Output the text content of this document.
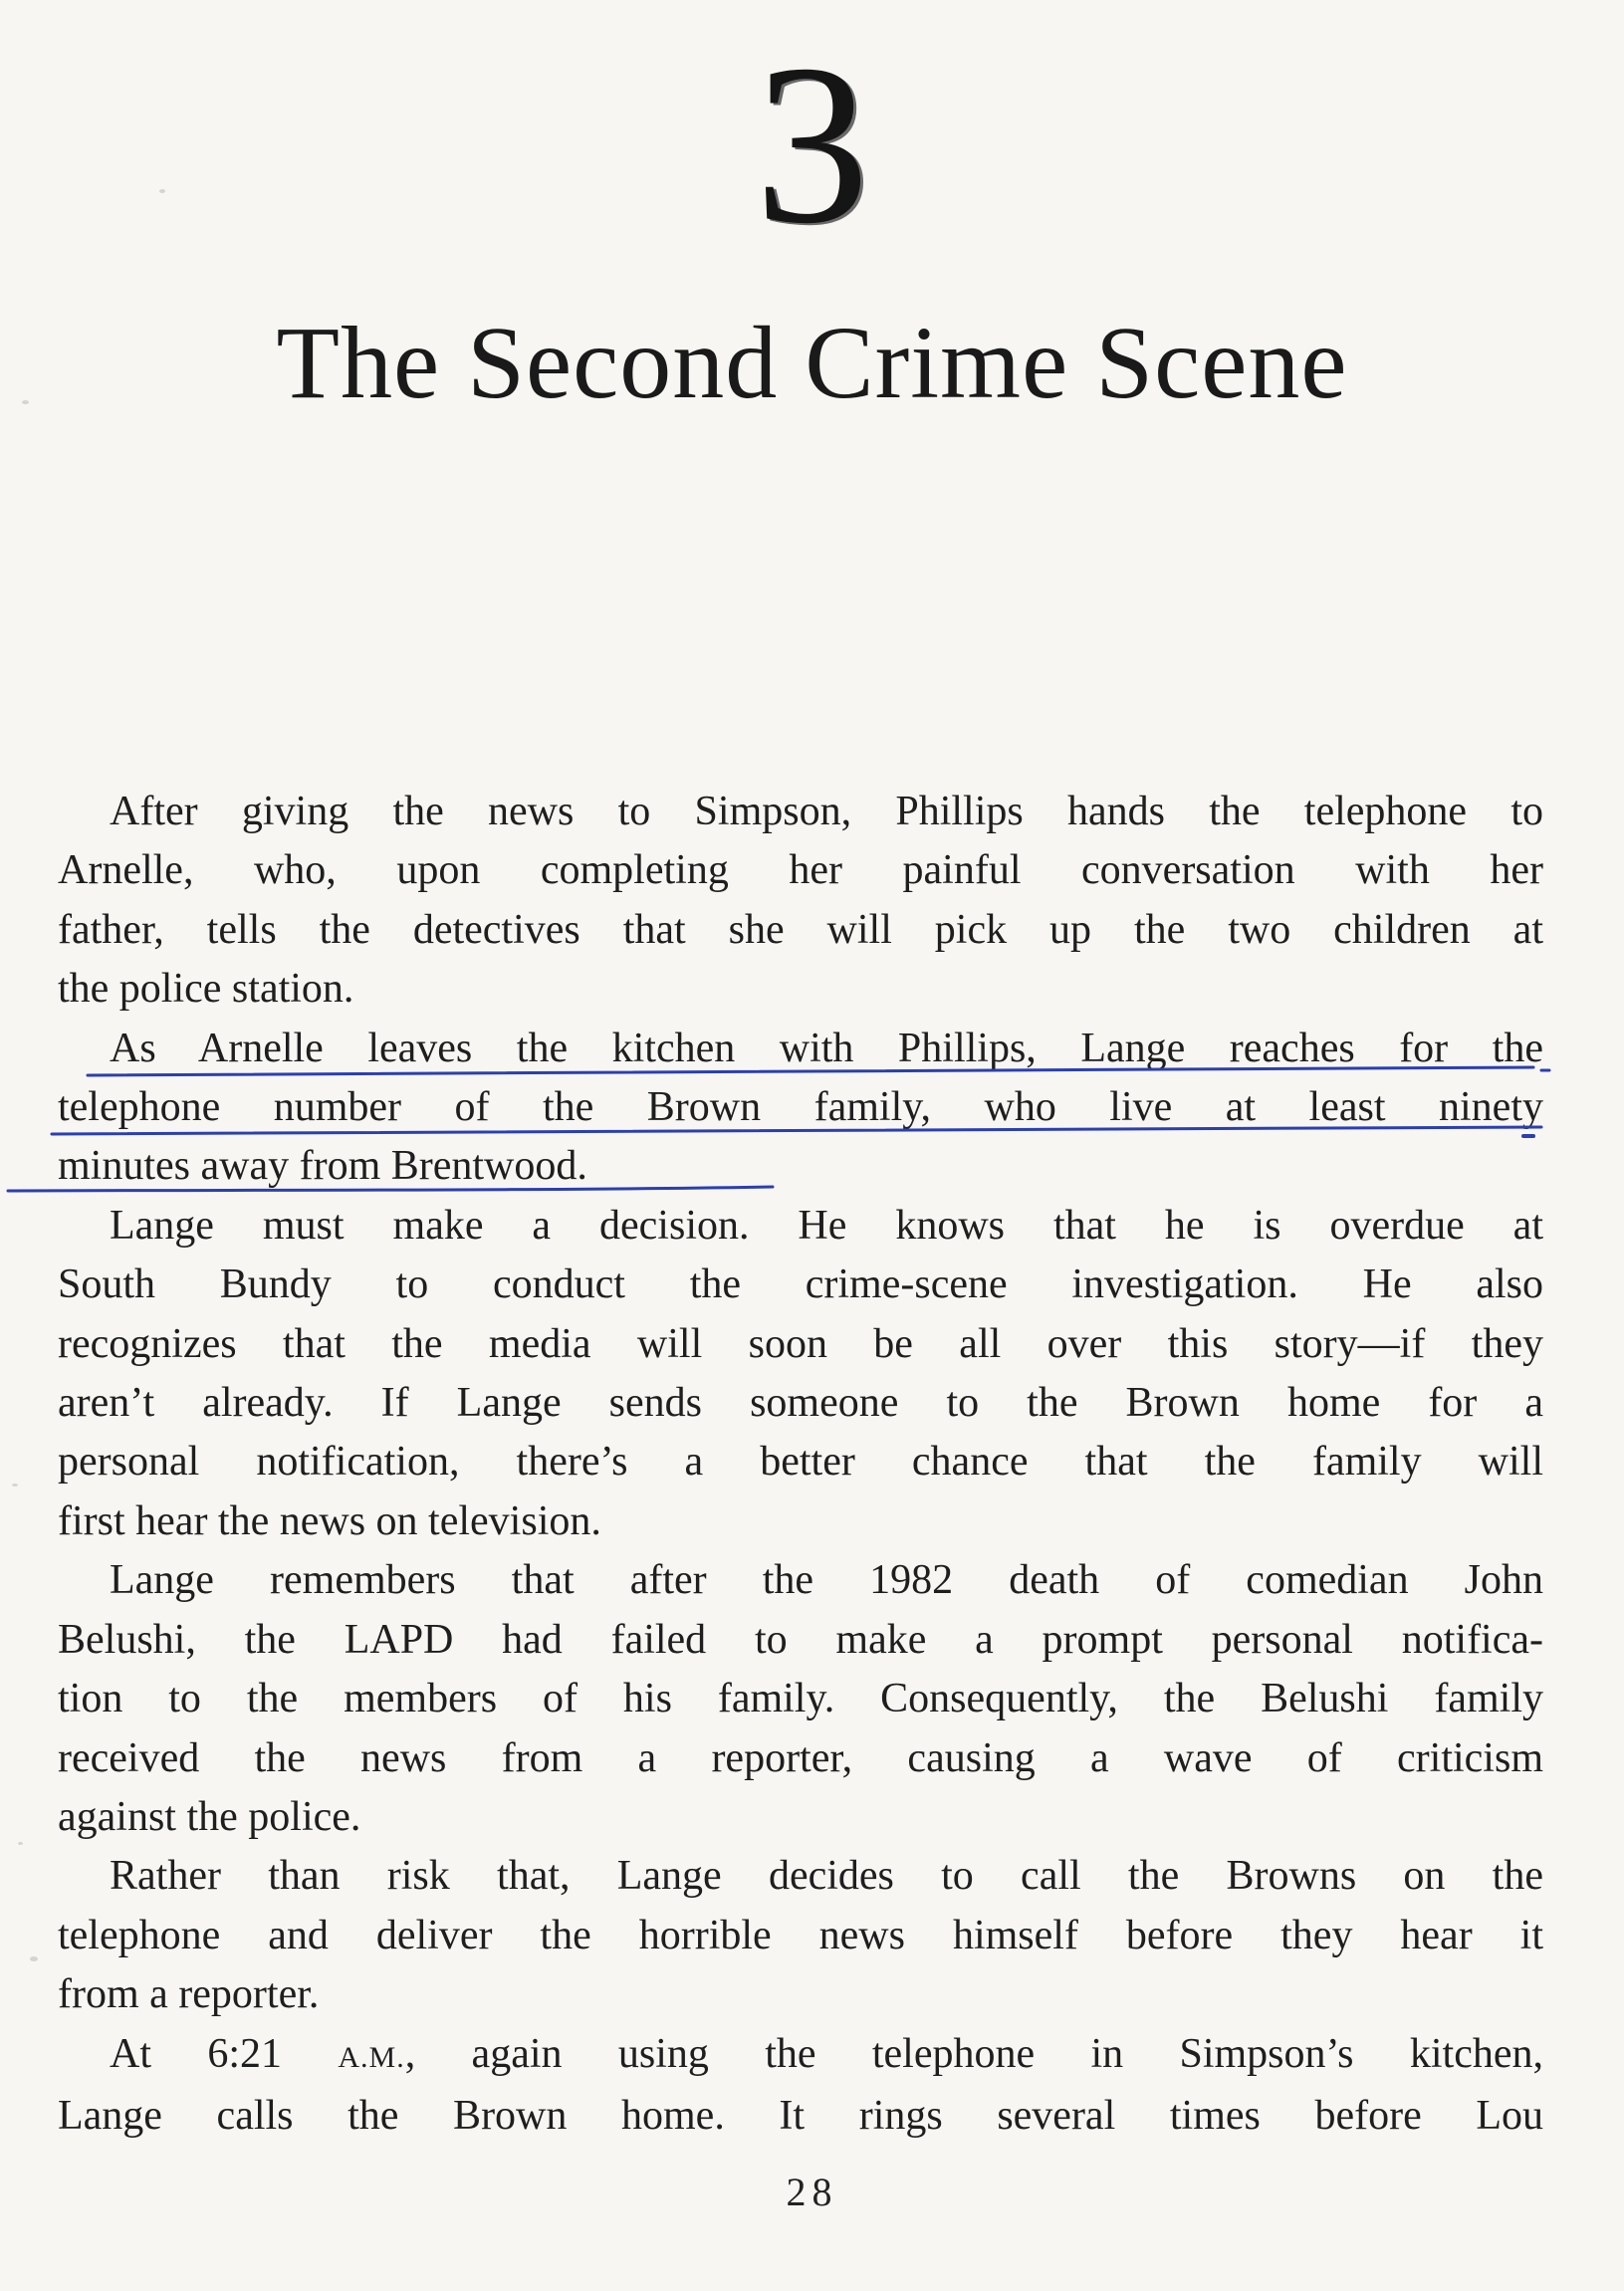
3
The Second Crime Scene
After giving the news to Simpson, Phillips hands the telephone to
Arnelle, who, upon completing her painful conversation with her
father, tells the detectives that she will pick up the two children at
the police station.
As Arnelle leaves the kitchen with Phillips, Lange reaches for the
telephone number of the Brown family, who live at least ninety
minutes away from Brentwood.
Lange must make a decision. He knows that he is overdue at
South Bundy to conduct the crime-scene investigation. He also
recognizes that the media will soon be all over this story—if they
aren’t already. If Lange sends someone to the Brown home for a
personal notification, there’s a better chance that the family will
first hear the news on television.
Lange remembers that after the 1982 death of comedian John
Belushi, the LAPD had failed to make a prompt personal notifica-
tion to the members of his family. Consequently, the Belushi family
received the news from a reporter, causing a wave of criticism
against the police.
Rather than risk that, Lange decides to call the Browns on the
telephone and deliver the horrible news himself before they hear it
from a reporter.
At 6:21 A.M., again using the telephone in Simpson’s kitchen,
Lange calls the Brown home. It rings several times before Lou
28
